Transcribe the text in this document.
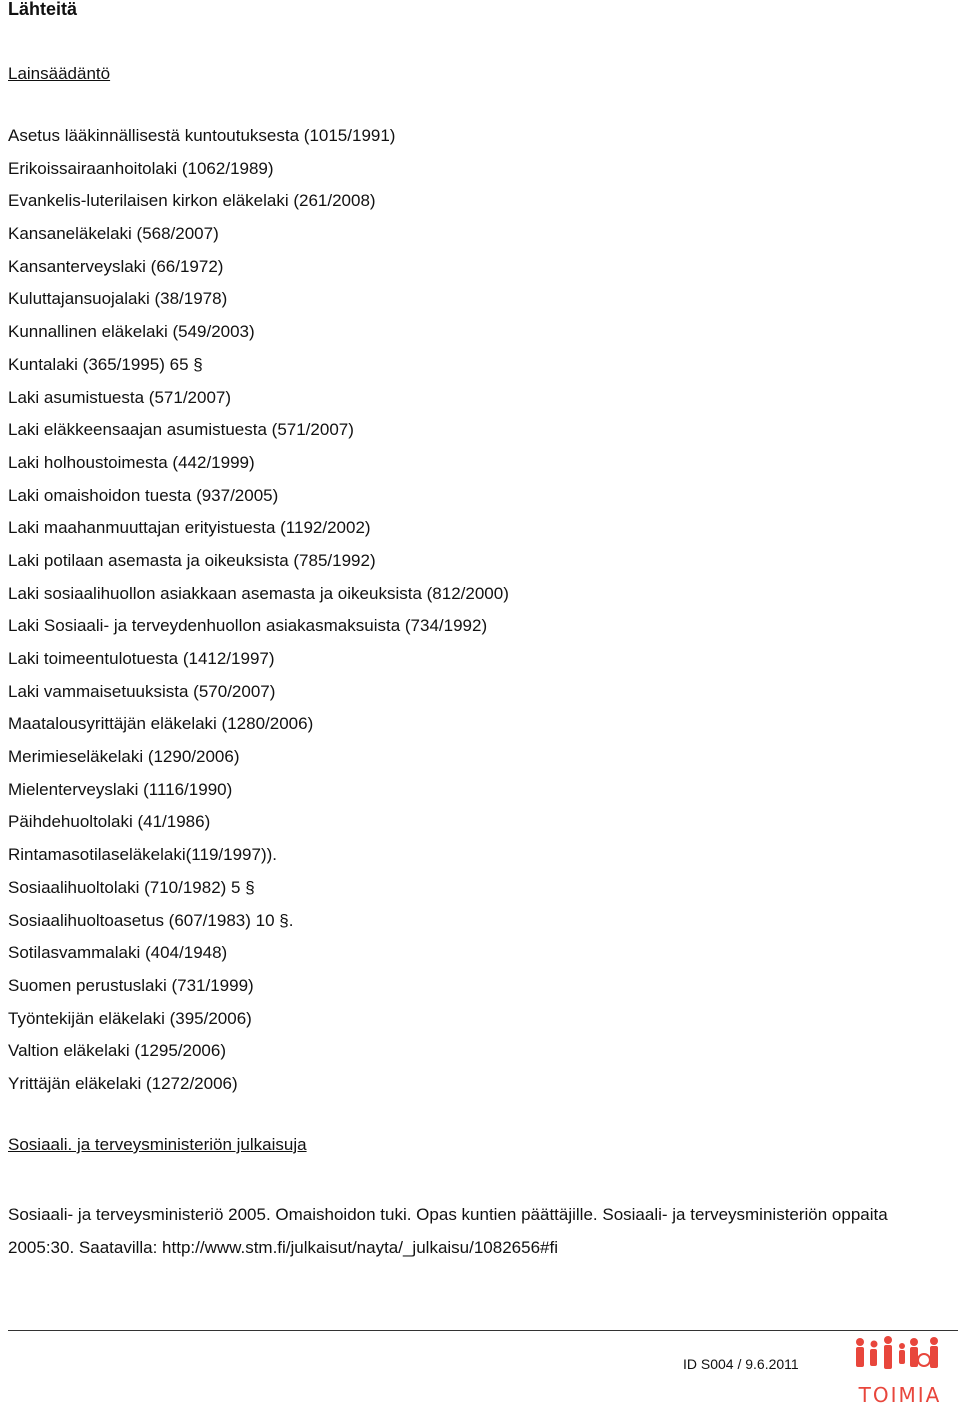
Lähteitä
Lainsäädäntö
Asetus lääkinnällisestä kuntoutuksesta (1015/1991)
Erikoissairaanhoitolaki (1062/1989)
Evankelis-luterilaisen kirkon eläkelaki (261/2008)
Kansaneläkelaki (568/2007)
Kansanterveyslaki (66/1972)
Kuluttajansuojalaki (38/1978)
Kunnallinen eläkelaki (549/2003)
Kuntalaki (365/1995) 65 §
Laki asumistuesta (571/2007)
Laki eläkkeensaajan asumistuesta (571/2007)
Laki holhoustoimesta (442/1999)
Laki omaishoidon tuesta (937/2005)
Laki maahanmuuttajan erityistuesta (1192/2002)
Laki potilaan asemasta ja oikeuksista (785/1992)
Laki sosiaalihuollon asiakkaan asemasta ja oikeuksista (812/2000)
Laki Sosiaali- ja terveydenhuollon asiakasmaksuista (734/1992)
Laki toimeentulotuesta (1412/1997)
Laki vammaisetuuksista (570/2007)
Maatalousyrittäjän eläkelaki (1280/2006)
Merimieseläkelaki (1290/2006)
Mielenterveyslaki (1116/1990)
Päihdehuoltolaki (41/1986)
Rintamasotilaseläkelaki(119/1997)).
Sosiaalihuoltolaki (710/1982) 5 §
Sosiaalihuoltoasetus (607/1983) 10 §.
Sotilasvammalaki (404/1948)
Suomen perustuslaki (731/1999)
Työntekijän eläkelaki (395/2006)
Valtion eläkelaki (1295/2006)
Yrittäjän eläkelaki (1272/2006)
Sosiaali. ja terveysministeriön julkaisuja
Sosiaali- ja terveysministeriö 2005. Omaishoidon tuki. Opas kuntien päättäjille. Sosiaali- ja terveysministeriön oppaita 2005:30. Saatavilla: http://www.stm.fi/julkaisut/nayta/_julkaisu/1082656#fi
ID S004 / 9.6.2011
TOIMIA
